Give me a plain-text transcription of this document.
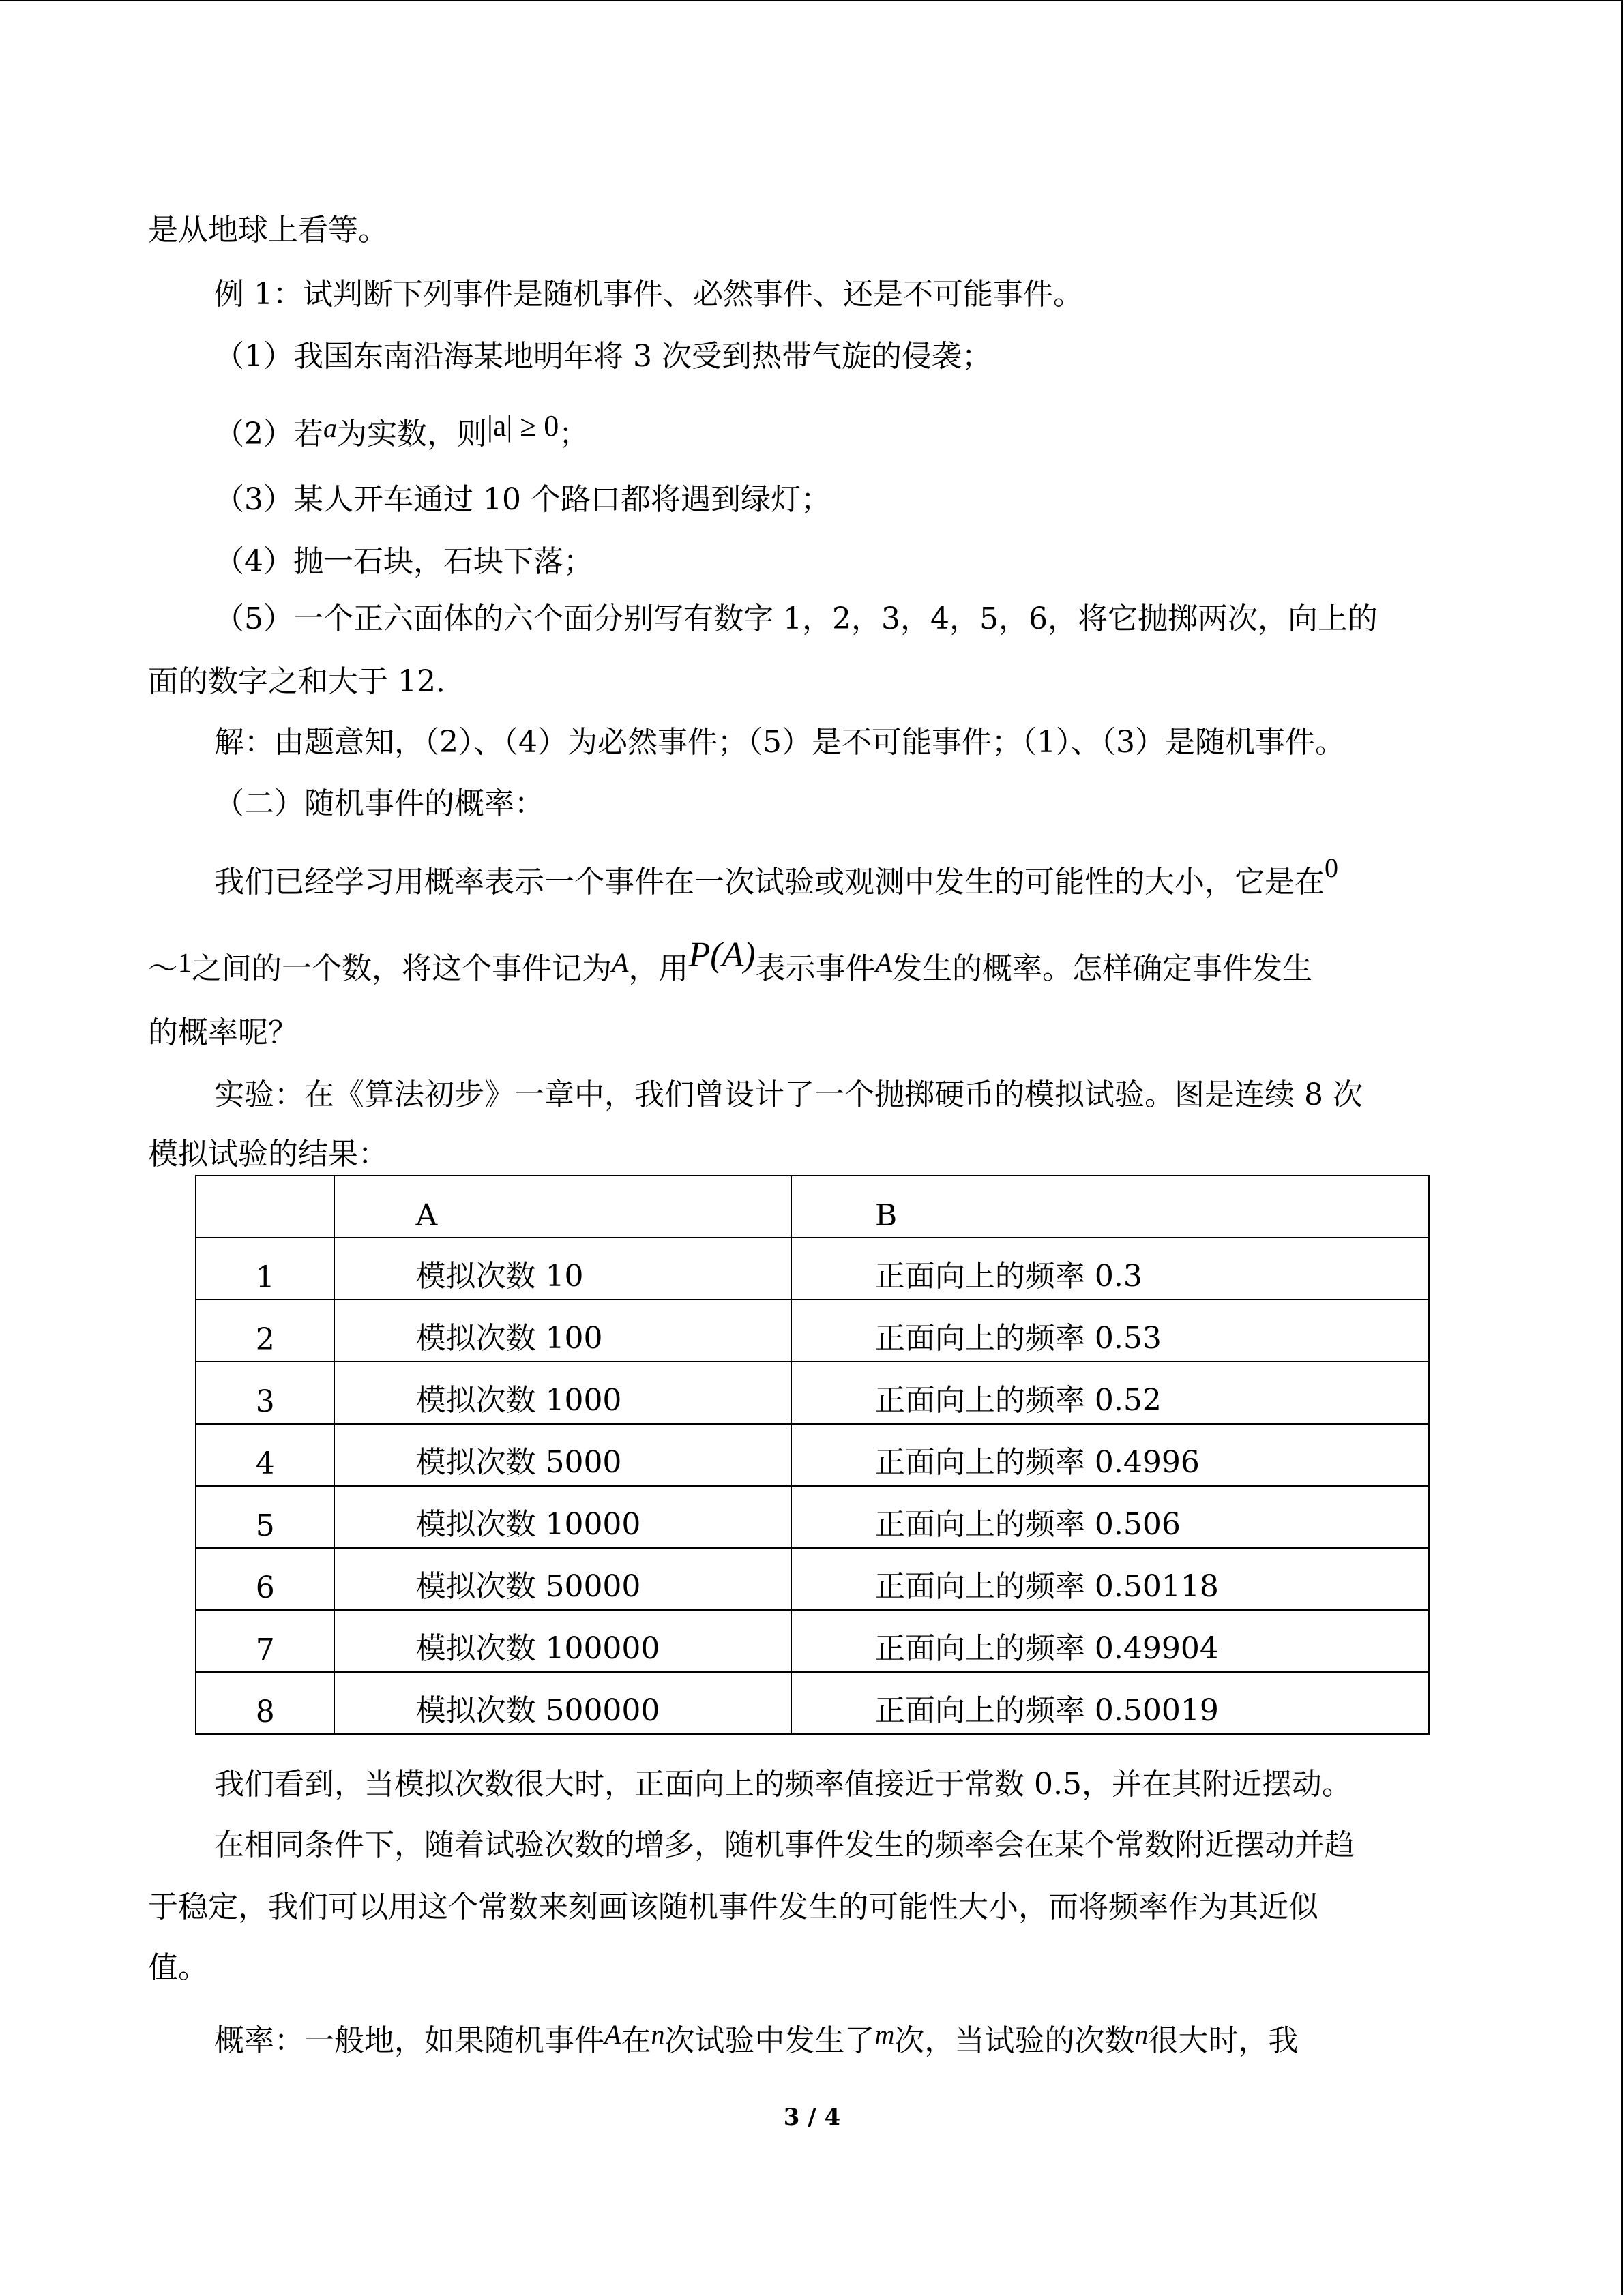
是从地球上看等。
例 1：试判断下列事件是随机事件、必然事件、还是不可能事件。
（1）我国东南沿海某地明年将 3 次受到热带气旋的侵袭；
（2）若a为实数，则|a| ≥ 0；
（3）某人开车通过 10 个路口都将遇到绿灯；
（4）抛一石块，石块下落；
（5）一个正六面体的六个面分别写有数字 1，2，3，4，5，6，将它抛掷两次，向上的
面的数字之和大于 12．
解：由题意知，（2）、（4）为必然事件；（5）是不可能事件；（1）、（3）是随机事件。
（二）随机事件的概率：
我们已经学习用概率表示一个事件在一次试验或观测中发生的可能性的大小，它是在0
～1之间的一个数，将这个事件记为A，用P(A)表示事件A发生的概率。怎样确定事件发生
的概率呢？
实验：在《算法初步》一章中，我们曾设计了一个抛掷硬币的模拟试验。图是连续 8 次
模拟试验的结果：
	A	B
1	模拟次数 10	正面向上的频率 0.3
2	模拟次数 100	正面向上的频率 0.53
3	模拟次数 1000	正面向上的频率 0.52
4	模拟次数 5000	正面向上的频率 0.4996
5	模拟次数 10000	正面向上的频率 0.506
6	模拟次数 50000	正面向上的频率 0.50118
7	模拟次数 100000	正面向上的频率 0.49904
8	模拟次数 500000	正面向上的频率 0.50019
我们看到，当模拟次数很大时，正面向上的频率值接近于常数 0.5，并在其附近摆动。
在相同条件下，随着试验次数的增多，随机事件发生的频率会在某个常数附近摆动并趋
于稳定，我们可以用这个常数来刻画该随机事件发生的可能性大小，而将频率作为其近似
值。
概率：一般地，如果随机事件A在n次试验中发生了m次，当试验的次数n很大时，我
3 / 4
